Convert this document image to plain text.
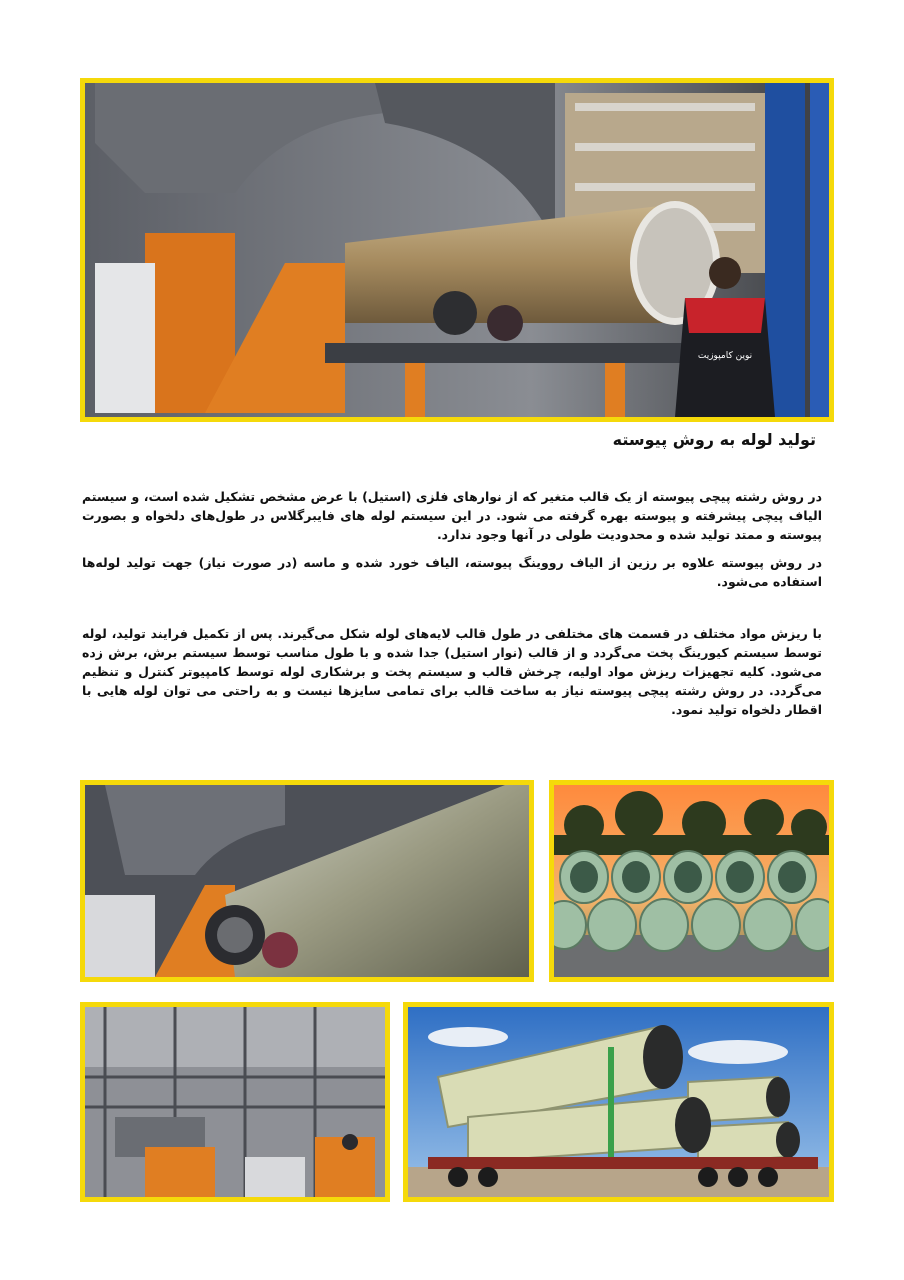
نوین کامپوزیت
تولید لوله به روش پیوسته

در روش رشته پیچی پیوسته از یک قالب متغیر که از نوارهای فلزی (استیل) با عرض مشخص تشکیل شده است، و سیستم الیاف پیچی پیشرفته و پیوسته بهره گرفته می شود. در این سیستم لوله های فایبرگلاس در طول‌های دلخواه و بصورت پیوسته و ممتد تولید شده و محدودیت طولی در آنها وجود ندارد.

در روش پیوسته علاوه بر رزین از الیاف رووینگ پیوسته، الیاف خورد شده و ماسه (در صورت نیاز) جهت تولید لوله‌ها استفاده می‌شود.

با ریزش مواد مختلف در قسمت های مختلفی در طول قالب لایه‌های لوله شکل می‌گیرند. پس از تکمیل فرایند تولید، لوله توسط سیستم کیورینگ پخت می‌گردد و از قالب (نوار استیل) جدا شده و با طول مناسب توسط سیستم برش، برش زده می‌شود. کلیه تجهیزات ریزش مواد اولیه، چرخش قالب و سیستم پخت و برشکاری لوله توسط کامپیوتر کنترل و تنظیم می‌گردد. در روش رشته پیچی پیوسته نیاز به ساخت قالب برای تمامی سایزها نیست و به راحتی می توان لوله هایی با اقطار دلخواه تولید نمود.
